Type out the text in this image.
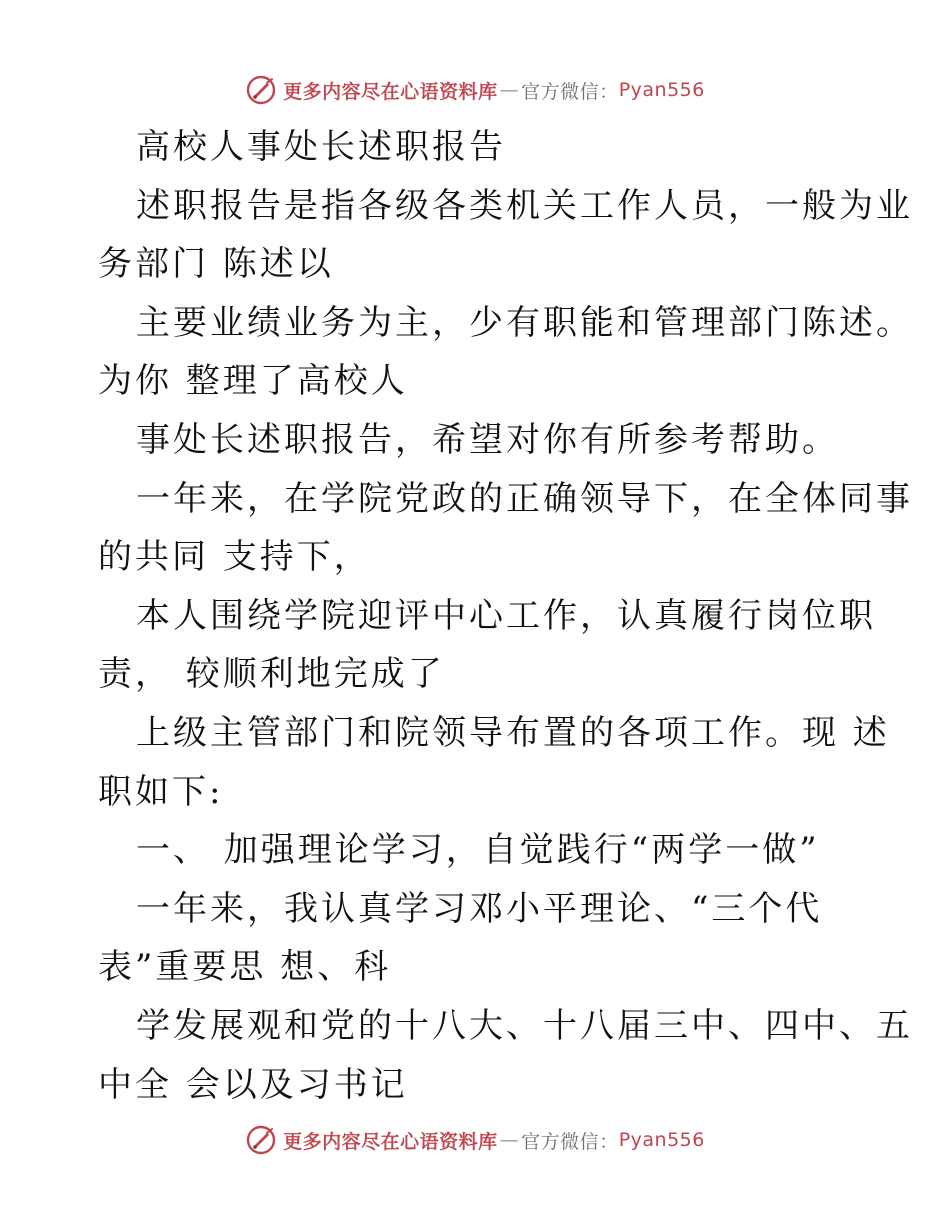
更多内容尽在心语资料库 — 官方微信： Pyan556
高校人事处长述职报告
述职报告是指各级各类机关工作人员，一般为业
务部门 陈述以
主要业绩业务为主，少有职能和管理部门陈述。
为你 整理了高校人
事处长述职报告，希望对你有所参考帮助。
一年来，在学院党政的正确领导下，在全体同事
的共同 支持下，
本人围绕学院迎评中心工作，认真履行岗位职
责， 较顺利地完成了
上级主管部门和院领导布置的各项工作。现 述
职如下:
一、 加强理论学习，自觉践行“两学一做”
一年来，我认真学习邓小平理论、“三个代
表”重要思 想、科
学发展观和党的十八大、十八届三中、四中、五
中全 会以及习书记
更多内容尽在心语资料库 — 官方微信： Pyan556
